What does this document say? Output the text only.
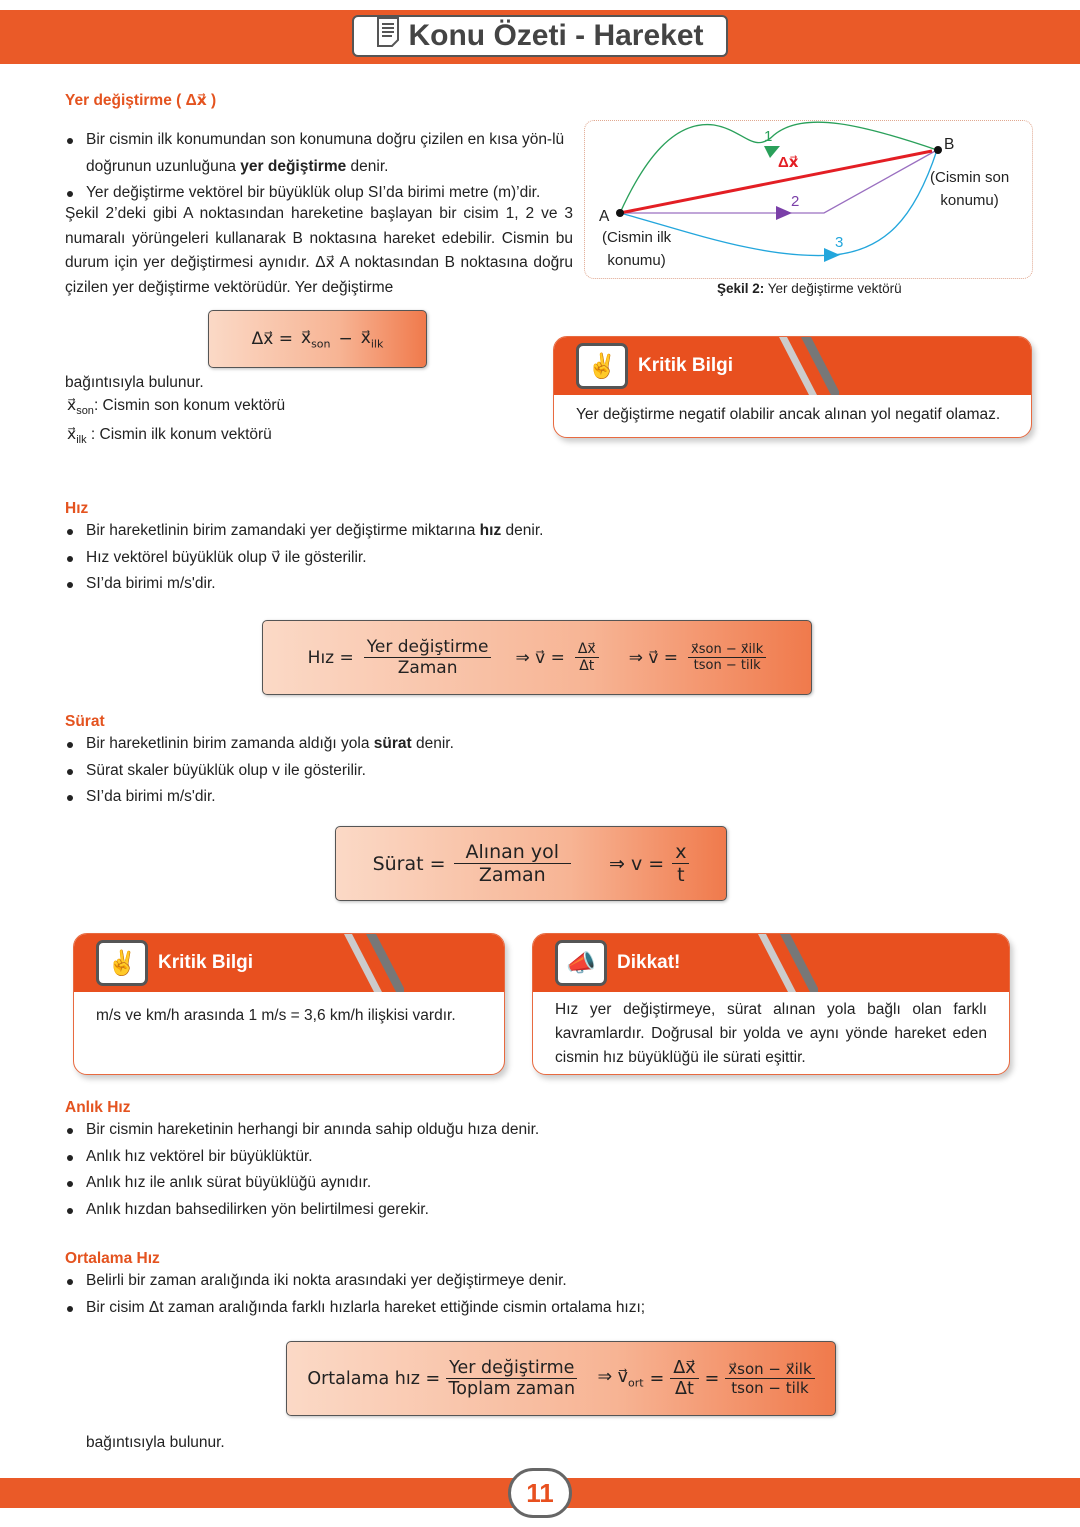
Konu Özeti - Hareket
Yer değiştirme ( Δx⃗ )
Bir cismin ilk konumundan son konumuna doğru çizilen en kısa yön-lü doğrunun uzunluğuna yer değiştirme denir.
Yer değiştirme vektörel bir büyüklük olup SI’da birimi metre (m)’dir.
Şekil 2’deki gibi A noktasından hareketine başlayan bir cisim 1, 2 ve 3 numaralı yörüngeleri kullanarak B noktasına hareket edebilir. Cismin bu durum için yer değiştirmesi aynıdır. Δx⃗ A noktasından B noktasına doğru çizilen yer değiştirme vektörüdür. Yer değiştirme
Δx⃗ = $x⃗_{son}$ − $x⃗_{ilk}$
bağıntısıyla bulunur.
$x⃗_{son}$: Cismin son konum vektörü
$x⃗_{ilk}$ : Cismin ilk konum vektörü
1
2
3
Δx⃗
A
(Cismin ilk
konumu)
B
(Cismin son
konumu)
Şekil 2: Yer değiştirme vektörü
✌	Kritik Bilgi
Yer değiştirme negatif olabilir ancak alınan yol negatif olamaz.
Hız
Bir hareketlinin birim zamandaki yer değiştirme miktarına hız denir.
Hız vektörel büyüklük olup v⃗ ile gösterilir.
SI’da birimi m/s'dir.
Hız = $\frac{\text{Yer değiştirme}}{\text{Zaman}}$ ⇒ v⃗ = $\frac{\Delta x⃗}{\Delta t}$ ⇒ v⃗ = $\frac{\text{x⃗son − x⃗ilk}}{\text{tson − tilk}}$
Sürat
Bir hareketlinin birim zamanda aldığı yola sürat denir.
Sürat skaler büyüklük olup v ile gösterilir.
SI’da birimi m/s'dir.
Sürat = $\frac{\text{Alınan yol}}{\text{Zaman}}$ ⇒ $v = \frac{x}{t}$
✌	Kritik Bilgi
m/s ve km/h arasında 1 m/s = 3,6 km/h ilişkisi vardır.
📣	Dikkat!
Hız yer değiştirmeye, sürat alınan yola bağlı olan farklı kavramlardır. Doğrusal bir yolda ve aynı yönde hareket eden cismin hız büyüklüğü ile sürati eşittir.
Anlık Hız
Bir cismin hareketinin herhangi bir anında sahip olduğu hıza denir.
Anlık hız vektörel bir büyüklüktür.
Anlık hız ile anlık sürat büyüklüğü aynıdır.
Anlık hızdan bahsedilirken yön belirtilmesi gerekir.
Ortalama Hız
Belirli bir zaman aralığında iki nokta arasındaki yer değiştirmeye denir.
Bir cisim Δt zaman aralığında farklı hızlarla hareket ettiğinde cismin ortalama hızı;
Ortalama hız = $\frac{\text{Yer değiştirme}}{\text{Toplam zaman}}$ ⇒ $v⃗_{ort} = \frac{\Delta x⃗}{\Delta t} = \frac{\text{x⃗son − x⃗ilk}}{\text{tson − tilk}}$
bağıntısıyla bulunur.
11
